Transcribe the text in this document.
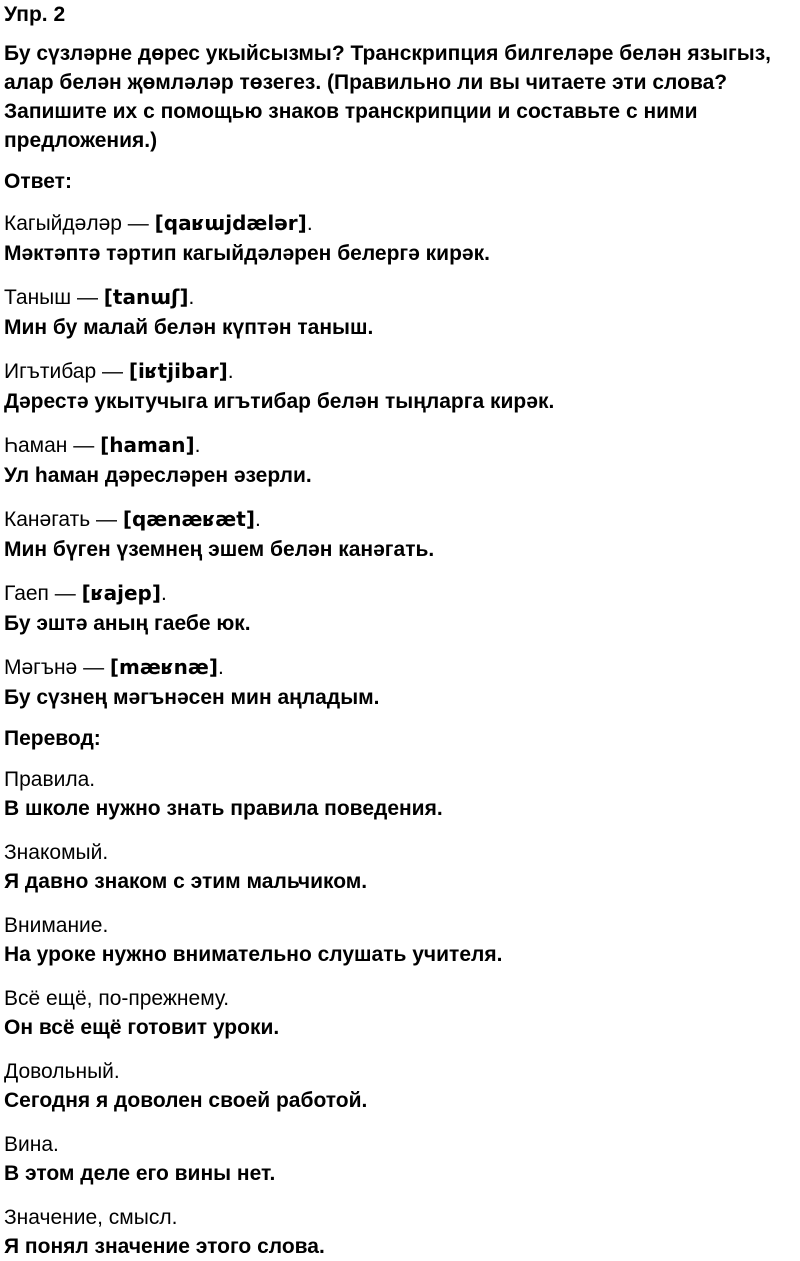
Упр. 2
Бу сүзләрне дөрес укыйсызмы? Транскрипция билгеләре белән языгыз, алар белән җөмләләр төзегез. (Правильно ли вы читаете эти слова? Запишите их с помощью знаков транскрипции и составьте с ними предложения.)
Ответ:
Кагыйдәләр — [qaʁɯjdælər].
Мәктәптә тәртип кагыйдәләрен белергә кирәк.
Таныш — [tanɯʃ].
Мин бу малай белән күптән таныш.
Игътибар — [iʁtjibar].
Дәрестә укытучыга игътибар белән тыңларга кирәк.
Һаман — [haman].
Ул һаман дәресләрен әзерли.
Канәгать — [qænæʁæt].
Мин бүген үземнең эшем белән канәгать.
Гаеп — [ʁajep].
Бу эштә аның гаебе юк.
Мәгънә — [mæʁnæ].
Бу сүзнең мәгънәсен мин аңладым.
Перевод:
Правила.
В школе нужно знать правила поведения.
Знакомый.
Я давно знаком с этим мальчиком.
Внимание.
На уроке нужно внимательно слушать учителя.
Всё ещё, по-прежнему.
Он всё ещё готовит уроки.
Довольный.
Сегодня я доволен своей работой.
Вина.
В этом деле его вины нет.
Значение, смысл.
Я понял значение этого слова.
